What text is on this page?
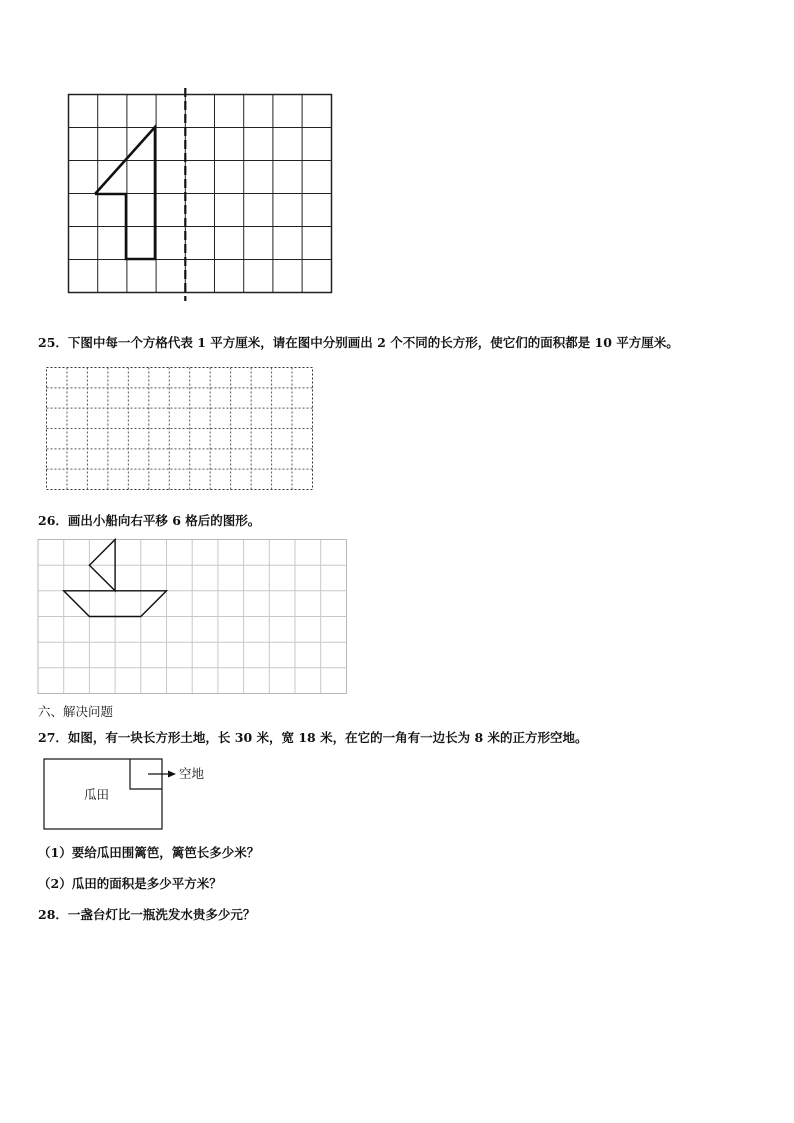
25．下图中每一个方格代表 1 平方厘米，请在图中分别画出 2 个不同的长方形，使它们的面积都是 10 平方厘米。
26．画出小船向右平移 6 格后的图形。
六、解决问题
27．如图，有一块长方形土地，长 30 米，宽 18 米，在它的一角有一边长为 8 米的正方形空地。
瓜田
空地
（1）要给瓜田围篱笆，篱笆长多少米？
（2）瓜田的面积是多少平方米？
28．一盏台灯比一瓶洗发水贵多少元？
